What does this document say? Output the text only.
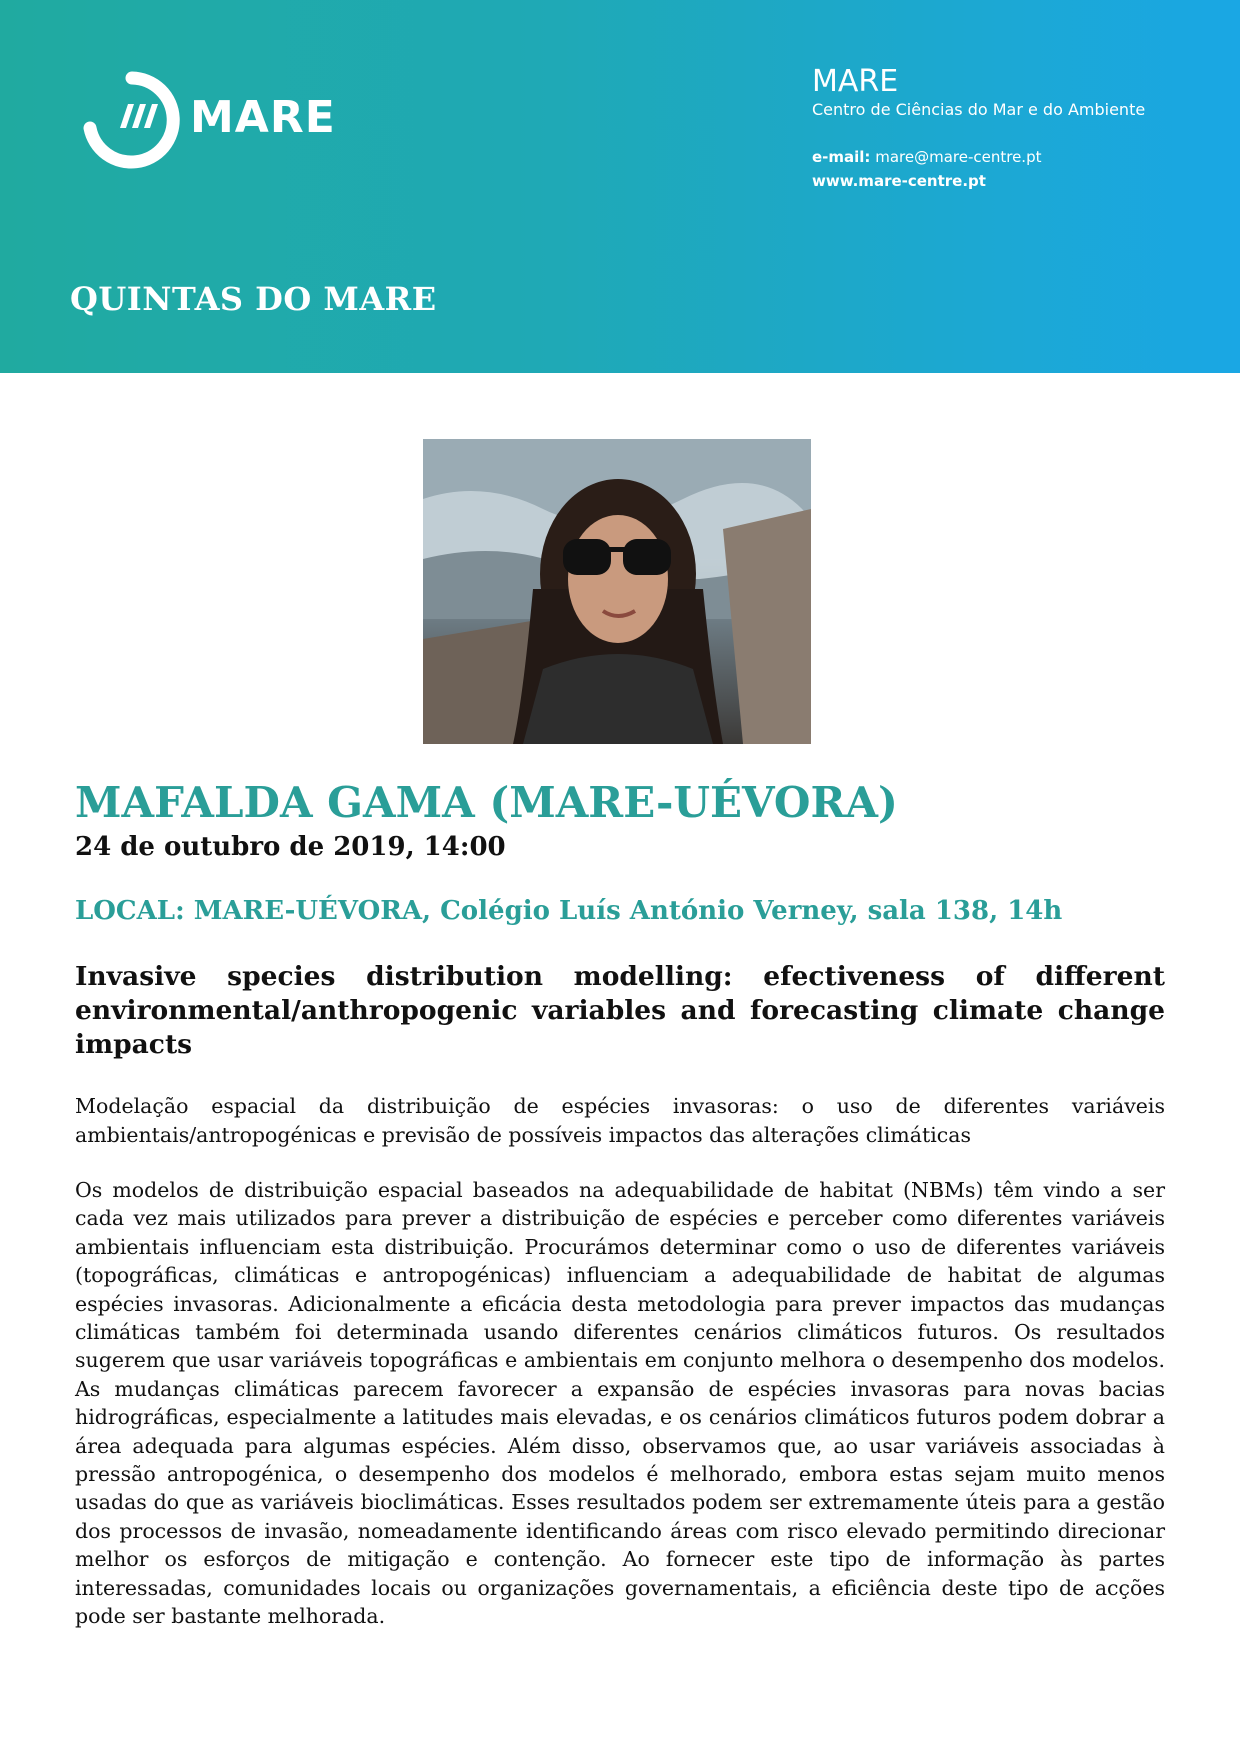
MARE
MARE
Centro de Ciências do Mar e do Ambiente
e-mail: mare@mare-centre.pt
www.mare-centre.pt
QUINTAS DO MARE
MAFALDA GAMA (MARE-UÉVORA)
24 de outubro de 2019, 14:00
LOCAL: MARE-UÉVORA, Colégio Luís António Verney, sala 138, 14h

Invasive species distribution modelling: efectiveness of different environmental/anthropogenic variables and forecasting climate change impacts

Modelação espacial da distribuição de espécies invasoras: o uso de diferentes variáveis ambientais/antropogénicas e previsão de possíveis impactos das alterações climáticas

Os modelos de distribuição espacial baseados na adequabilidade de habitat (NBMs) têm vindo a ser cada vez mais utilizados para prever a distribuição de espécies e perceber como diferentes variáveis ambientais influenciam esta distribuição. Procurámos determinar como o uso de diferentes variáveis (topográficas, climáticas e antropogénicas) influenciam a adequabilidade de habitat de algumas espécies invasoras. Adicionalmente a eficácia desta metodologia para prever impactos das mudanças climáticas também foi determinada usando diferentes cenários climáticos futuros. Os resultados sugerem que usar variáveis topográficas e ambientais em conjunto melhora o desempenho dos modelos. As mudanças climáticas parecem favorecer a expansão de espécies invasoras para novas bacias hidrográficas, especialmente a latitudes mais elevadas, e os cenários climáticos futuros podem dobrar a área adequada para algumas espécies. Além disso, observamos que, ao usar variáveis associadas à pressão antropogénica, o desempenho dos modelos é melhorado, embora estas sejam muito menos usadas do que as variáveis bioclimáticas. Esses resultados podem ser extremamente úteis para a gestão dos processos de invasão, nomeadamente identificando áreas com risco elevado permitindo direcionar melhor os esforços de mitigação e contenção. Ao fornecer este tipo de informação às partes interessadas, comunidades locais ou organizações governamentais, a eficiência deste tipo de acções pode ser bastante melhorada.
